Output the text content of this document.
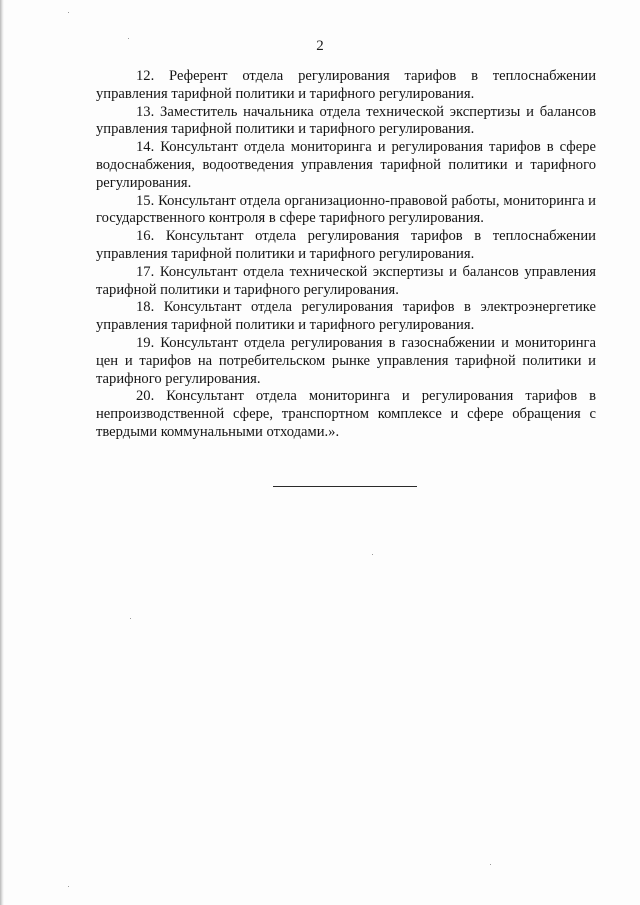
2

12. Референт отдела регулирования тарифов в теплоснабжении управления тарифной политики и тарифного регулирования.

13. Заместитель начальника отдела технической экспертизы и балансов управления тарифной политики и тарифного регулирования.

14. Консультант отдела мониторинга и регулирования тарифов в сфере водоснабжения, водоотведения управления тарифной политики и тарифного регулирования.

15. Консультант отдела организационно-правовой работы, мониторинга и государственного контроля в сфере тарифного регулирования.

16. Консультант отдела регулирования тарифов в теплоснабжении управления тарифной политики и тарифного регулирования.

17. Консультант отдела технической экспертизы и балансов управления тарифной политики и тарифного регулирования.

18. Консультант отдела регулирования тарифов в электроэнергетике управления тарифной политики и тарифного регулирования.

19. Консультант отдела регулирования в газоснабжении и мониторинга цен и тарифов на потребительском рынке управления тарифной политики и тарифного регулирования.

20. Консультант отдела мониторинга и регулирования тарифов в непроизводственной сфере, транспортном комплексе и сфере обращения с твердыми коммунальными отходами.».
